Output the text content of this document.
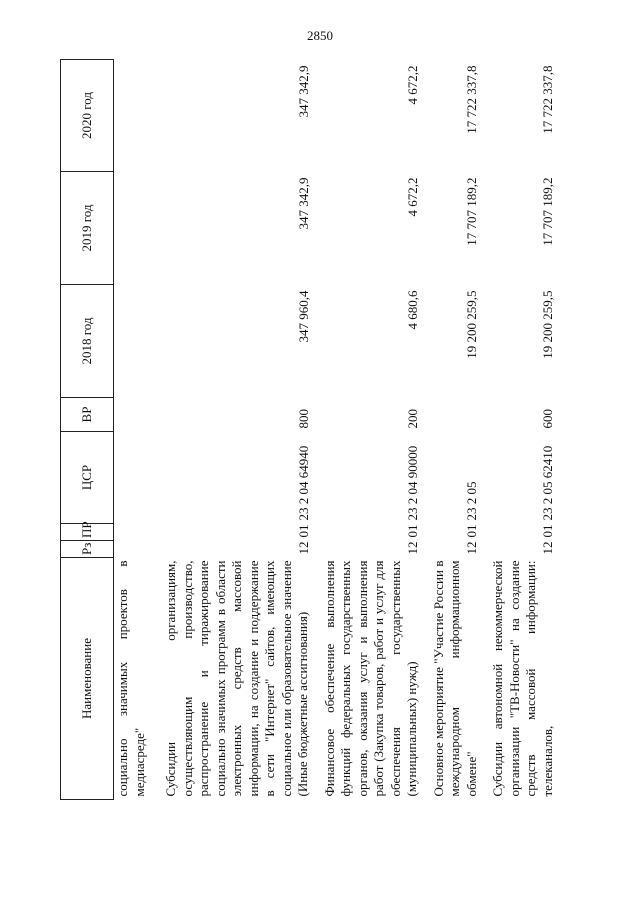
2850
Наименование	Рз	ПР	ЦСР	ВР	2018 год	2019 год	2020 год
социально значимых проектов в медиасреде"							
Субсидии организациям, осуществляющим производство, распространение и тиражирование социально значимых программ в области электронных средств массовой информации, на создание и поддержание в сети "Интернет" сайтов, имеющих социальное или образовательное значение (Иные бюджетные ассигнования)	12	01	23 2 04 64940	800	347 960,4	347 342,9	347 342,9
Финансовое обеспечение выполнения функций федеральных государственных органов, оказания услуг и выполнения работ (Закупка товаров, работ и услуг для обеспечения государственных (муниципальных) нужд)	12	01	23 2 04 90000	200	4 680,6	4 672,2	4 672,2
Основное мероприятие "Участие России в международном информационном обмене"	12	01	23 2 05		19 200 259,5	17 707 189,2	17 722 337,8
Субсидии автономной некоммерческой организации "ТВ-Новости" на создание средств массовой информации: телеканалов,	12	01	23 2 05 62410	600	19 200 259,5	17 707 189,2	17 722 337,8
